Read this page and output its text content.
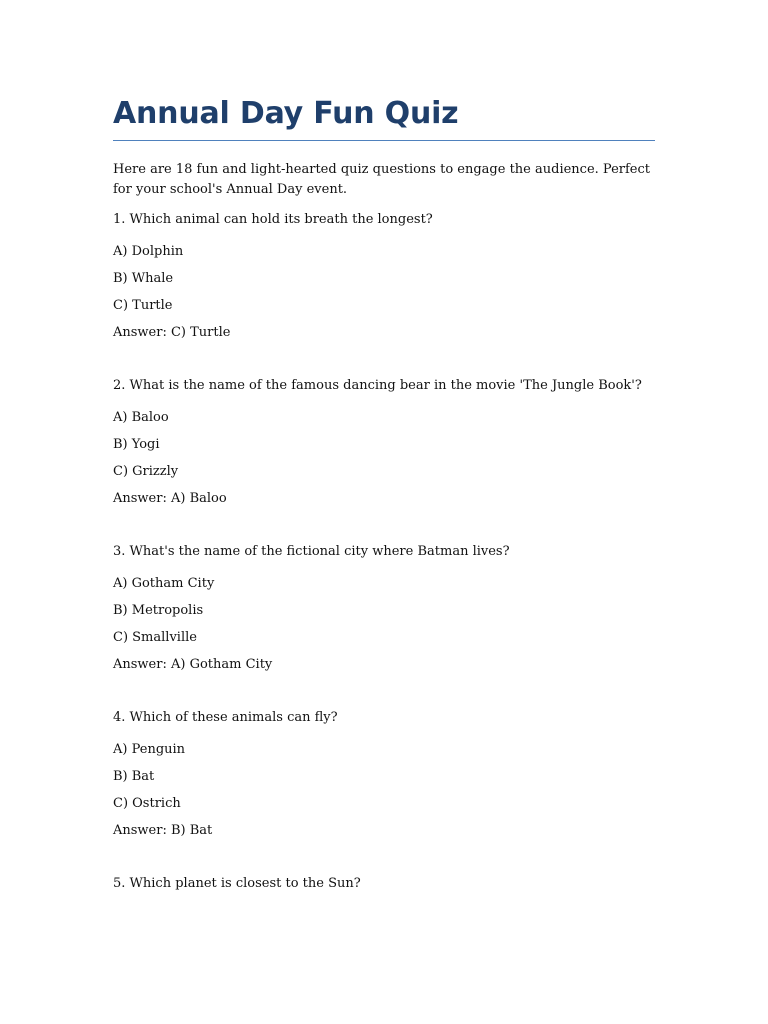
Annual Day Fun Quiz

Here are 18 fun and light-hearted quiz questions to engage the audience. Perfect for your school's Annual Day event.

1. Which animal can hold its breath the longest?

A) Dolphin

B) Whale

C) Turtle

Answer: C) Turtle

2. What is the name of the famous dancing bear in the movie 'The Jungle Book'?

A) Baloo

B) Yogi

C) Grizzly

Answer: A) Baloo

3. What's the name of the fictional city where Batman lives?

A) Gotham City

B) Metropolis

C) Smallville

Answer: A) Gotham City

4. Which of these animals can fly?

A) Penguin

B) Bat

C) Ostrich

Answer: B) Bat

5. Which planet is closest to the Sun?
